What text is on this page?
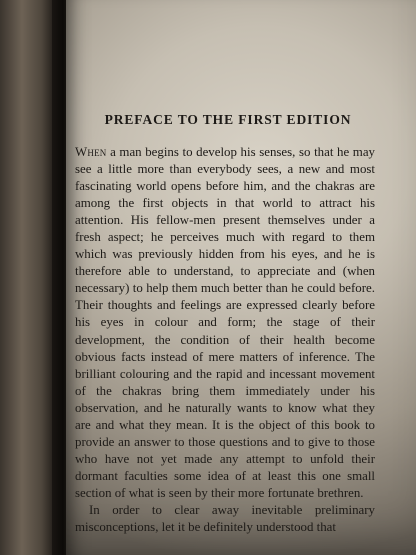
PREFACE TO THE FIRST EDITION

When a man begins to develop his senses, so that he may see a little more than everybody sees, a new and most fascinating world opens before him, and the chakras are among the first objects in that world to attract his attention. His fellow-men present themselves under a fresh aspect; he perceives much with regard to them which was previously hidden from his eyes, and he is therefore able to understand, to appreciate and (when necessary) to help them much better than he could before. Their thoughts and feelings are expressed clearly before his eyes in colour and form; the stage of their development, the condition of their health become obvious facts instead of mere matters of inference. The brilliant colouring and the rapid and incessant movement of the chakras bring them immediately under his observation, and he naturally wants to know what they are and what they mean. It is the object of this book to provide an answer to those questions and to give to those who have not yet made any attempt to unfold their dormant faculties some idea of at least this one small section of what is seen by their more fortunate brethren.

In order to clear away inevitable preliminary misconceptions, let it be definitely understood that
